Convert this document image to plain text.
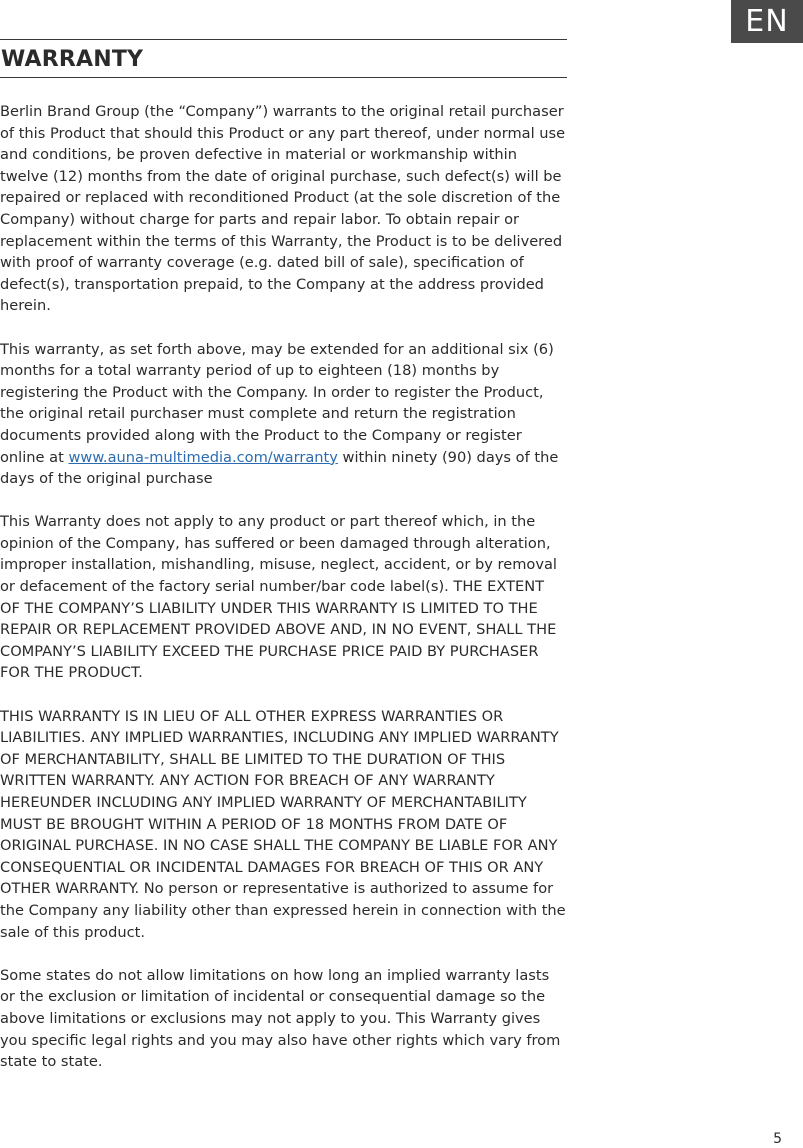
EN
WARRANTY

Berlin Brand Group (the “Company”) warrants to the original retail purchaser of this Product that should this Product or any part thereof, under normal use and conditions, be proven defective in material or workmanship within twelve (12) months from the date of original purchase, such defect(s) will be repaired or replaced with reconditioned Product (at the sole discretion of the Company) without charge for parts and repair labor. To obtain repair or replacement within the terms of this Warranty, the Product is to be delivered with proof of warranty coverage (e.g. dated bill of sale), specification of defect(s), transportation prepaid, to the Company at the address provided herein.

This warranty, as set forth above, may be extended for an additional six (6) months for a total warranty period of up to eighteen (18) months by registering the Product with the Company. In order to register the Product, the original retail purchaser must complete and return the registration documents provided along with the Product to the Company or register online at www.auna-multimedia.com/warranty within ninety (90) days of the days of the original purchase

This Warranty does not apply to any product or part thereof which, in the opinion of the Company, has suffered or been damaged through alteration, improper installation, mishandling, misuse, neglect, accident, or by removal or defacement of the factory serial number/bar code label(s). THE EXTENT OF THE COMPANY’S LIABILITY UNDER THIS WARRANTY IS LIMITED TO THE REPAIR OR REPLACEMENT PROVIDED ABOVE AND, IN NO EVENT, SHALL THE COMPANY’S LIABILITY EXCEED THE PURCHASE PRICE PAID BY PURCHASER FOR THE PRODUCT.

THIS WARRANTY IS IN LIEU OF ALL OTHER EXPRESS WARRANTIES OR LIABILITIES. ANY IMPLIED WARRANTIES, INCLUDING ANY IMPLIED WARRANTY OF MERCHANTABILITY, SHALL BE LIMITED TO THE DURATION OF THIS WRITTEN WARRANTY. ANY ACTION FOR BREACH OF ANY WARRANTY HEREUNDER INCLUDING ANY IMPLIED WARRANTY OF MERCHANTABILITY MUST BE BROUGHT WITHIN A PERIOD OF 18 MONTHS FROM DATE OF ORIGINAL PURCHASE. IN NO CASE SHALL THE COMPANY BE LIABLE FOR ANY CONSEQUENTIAL OR INCIDENTAL DAMAGES FOR BREACH OF THIS OR ANY OTHER WARRANTY. No person or representative is authorized to assume for the Company any liability other than expressed herein in connection with the sale of this product.

Some states do not allow limitations on how long an implied warranty lasts or the exclusion or limitation of incidental or consequential damage so the above limitations or exclusions may not apply to you. This Warranty gives you specific legal rights and you may also have other rights which vary from state to state.

5
